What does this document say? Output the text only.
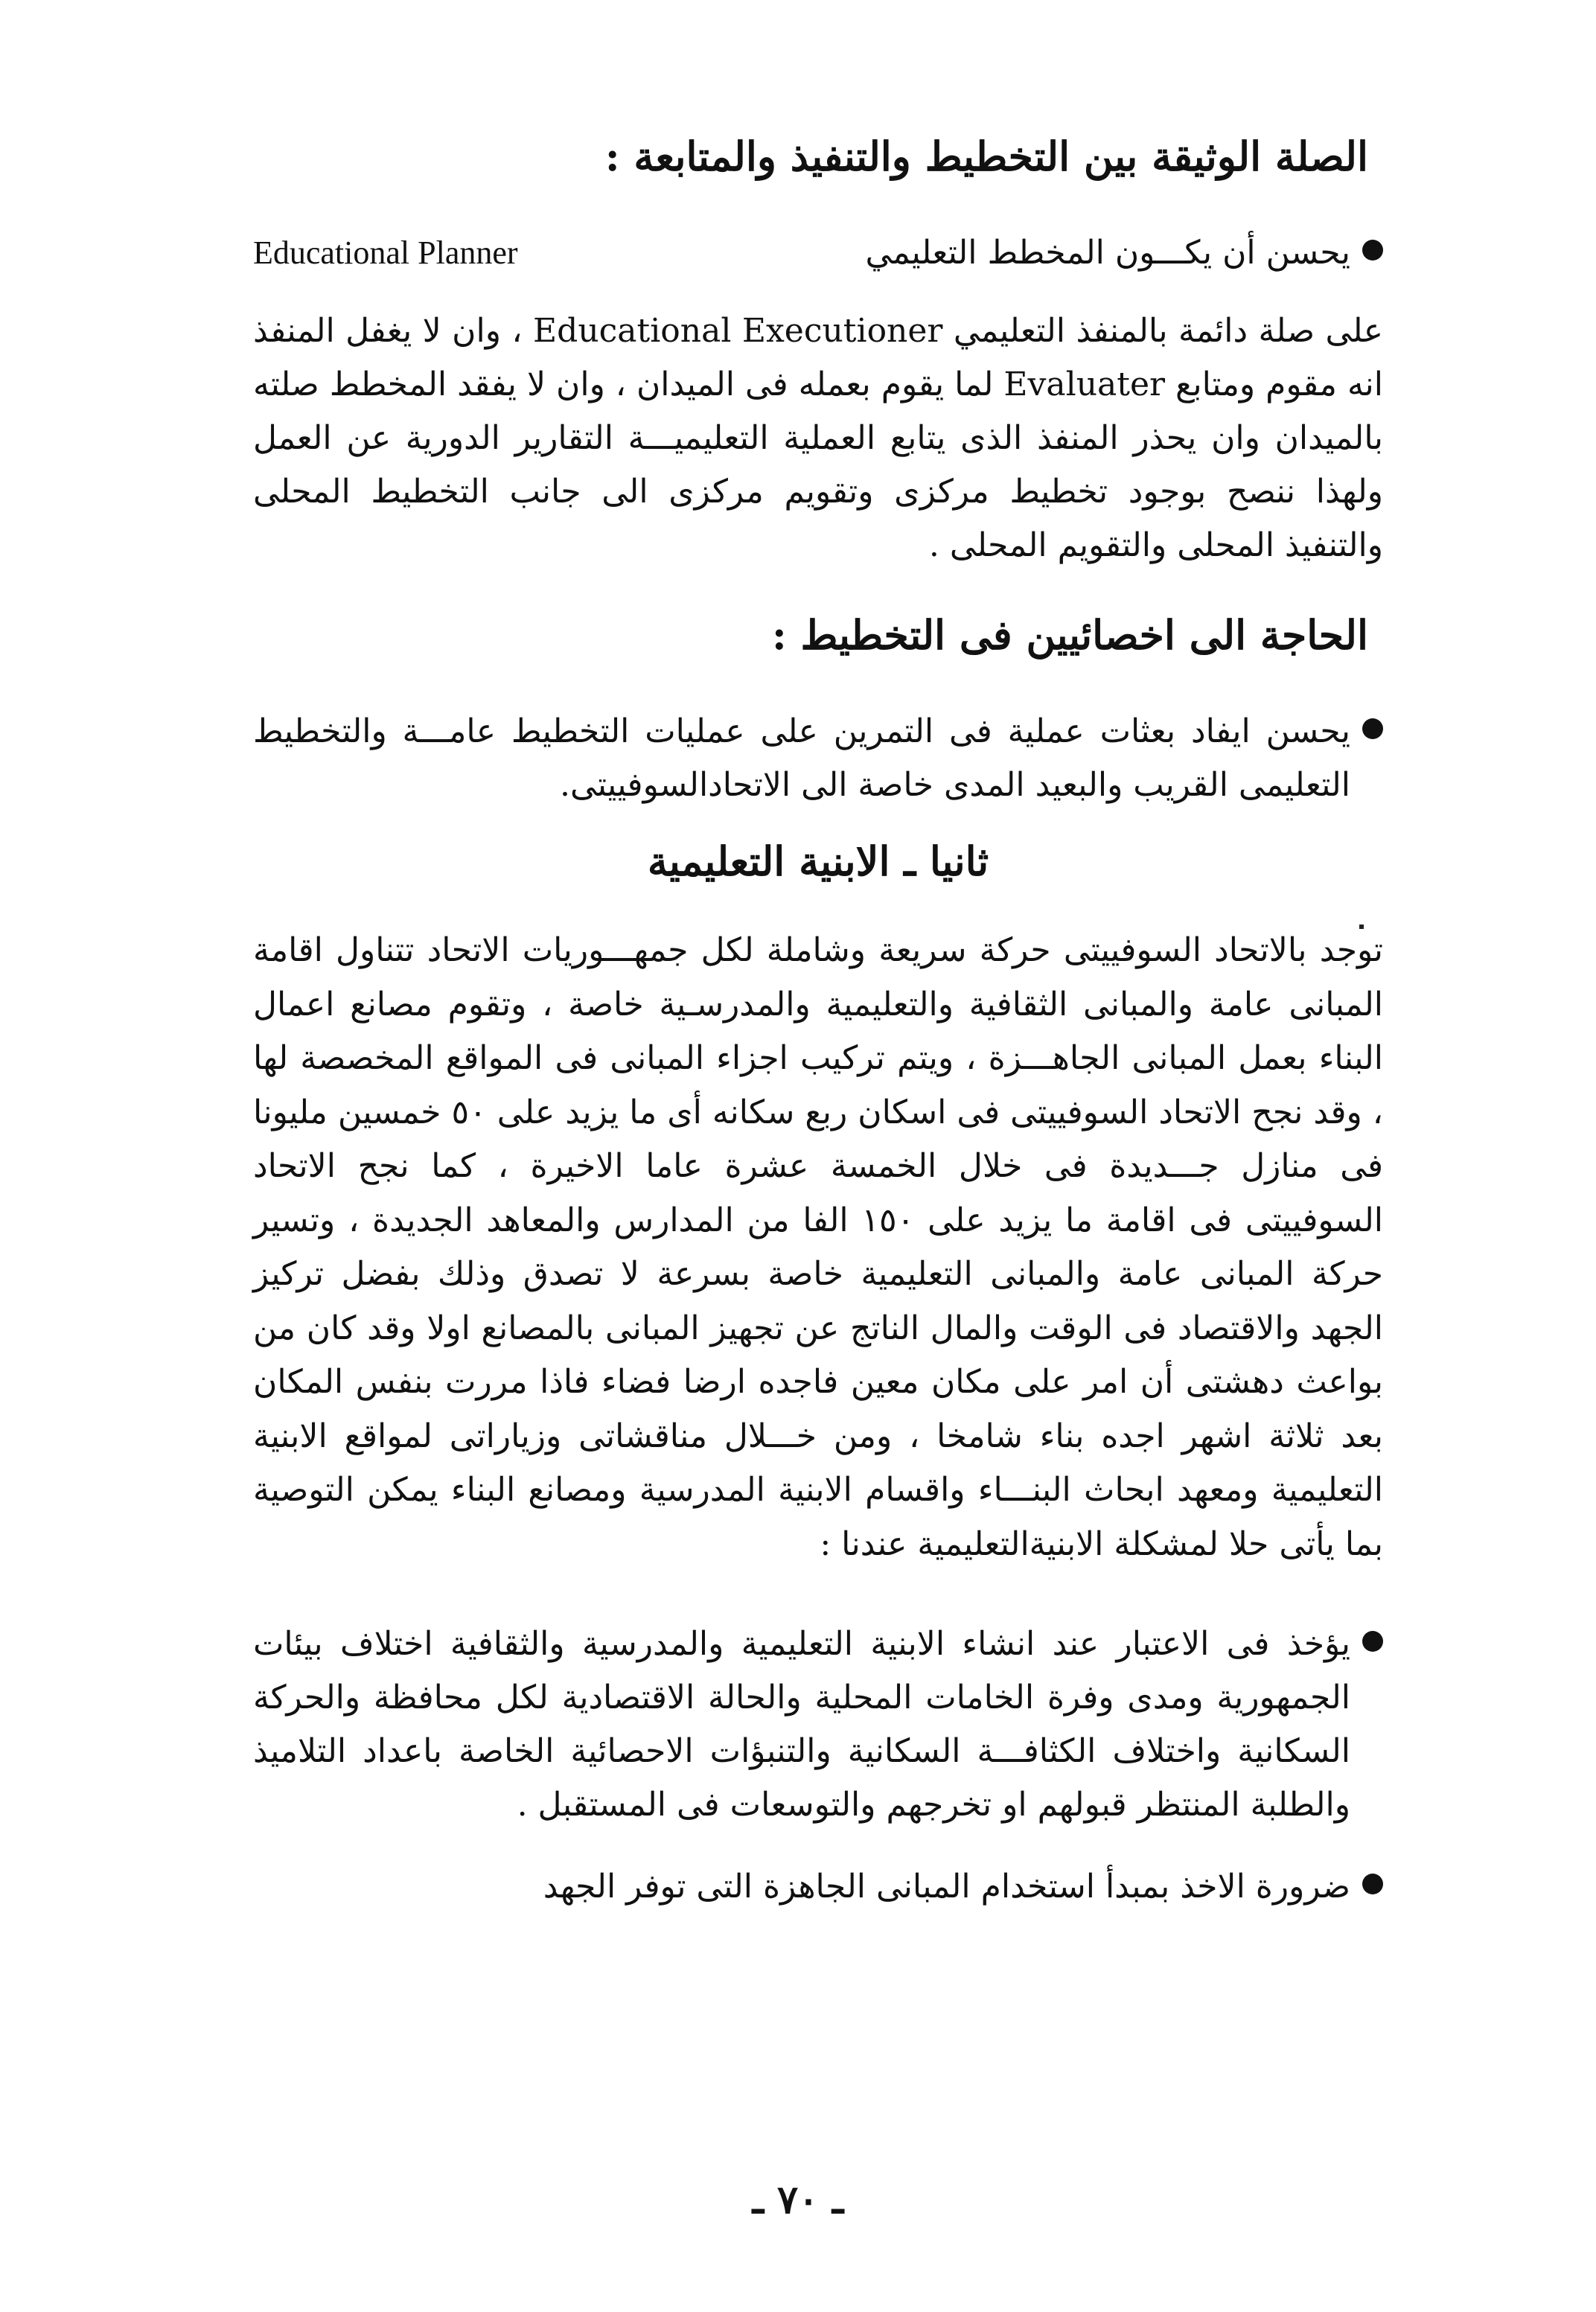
الصلة الوثيقة بين التخطيط والتنفيذ والمتابعة :
Educational Planner	يحسن أن يكـــون المخطط التعليمي

على صلة دائمة بالمنفذ التعليمي Educational Executioner ، وان لا يغفل المنفذ انه مقوم ومتابع Evaluater لما يقوم بعمله فى الميدان ، وان لا يفقد المخطط صلته بالميدان وان يحذر المنفذ الذى يتابع العملية التعليميـــة التقارير الدورية عن العمل ولهذا ننصح بوجود تخطيط مركزى وتقويم مركزى الى جانب التخطيط المحلى والتنفيذ المحلى والتقويم المحلى .

الحاجة الى اخصائيين فى التخطيط :
يحسن ايفاد بعثات عملية فى التمرين على عمليات التخطيط عامـــة والتخطيط التعليمى القريب والبعيد المدى خاصة الى الاتحادالسوفييتى.
ثانيا ـ الابنية التعليمية

توجد بالاتحاد السوفييتى حركة سريعة وشاملة لكل جمهـــوريات الاتحاد تتناول اقامة المبانى عامة والمبانى الثقافية والتعليمية والمدرسـية خاصة ، وتقوم مصانع اعمال البناء بعمل المبانى الجاهـــزة ، ويتم تركيب اجزاء المبانى فى المواقع المخصصة لها ، وقد نجح الاتحاد السوفييتى فى اسكان ربع سكانه أى ما يزيد على ٥٠ خمسين مليونا فى منازل جـــديدة فى خلال الخمسة عشرة عاما الاخيرة ، كما نجح الاتحاد السوفييتى فى اقامة ما يزيد على ١٥٠ الفا من المدارس والمعاهد الجديدة ، وتسير حركة المبانى عامة والمبانى التعليمية خاصة بسرعة لا تصدق وذلك بفضل تركيز الجهد والاقتصاد فى الوقت والمال الناتج عن تجهيز المبانى بالمصانع اولا وقد كان من بواعث دهشتى أن امر على مكان معين فاجده ارضا فضاء فاذا مررت بنفس المكان بعد ثلاثة اشهر اجده بناء شامخا ، ومن خـــلال مناقشاتى وزياراتى لمواقع الابنية التعليمية ومعهد ابحاث البنـــاء واقسام الابنية المدرسية ومصانع البناء يمكن التوصية بما يأتى حلا لمشكلة الابنيةالتعليمية عندنا :

يؤخذ فى الاعتبار عند انشاء الابنية التعليمية والمدرسية والثقافية اختلاف بيئات الجمهورية ومدى وفرة الخامات المحلية والحالة الاقتصادية لكل محافظة والحركة السكانية واختلاف الكثافـــة السكانية والتنبؤات الاحصائية الخاصة باعداد التلاميذ والطلبة المنتظر قبولهم او تخرجهم والتوسعات فى المستقبل .
ضرورة الاخذ بمبدأ استخدام المبانى الجاهزة التى توفر الجهد
ـ ٧٠ ـ
